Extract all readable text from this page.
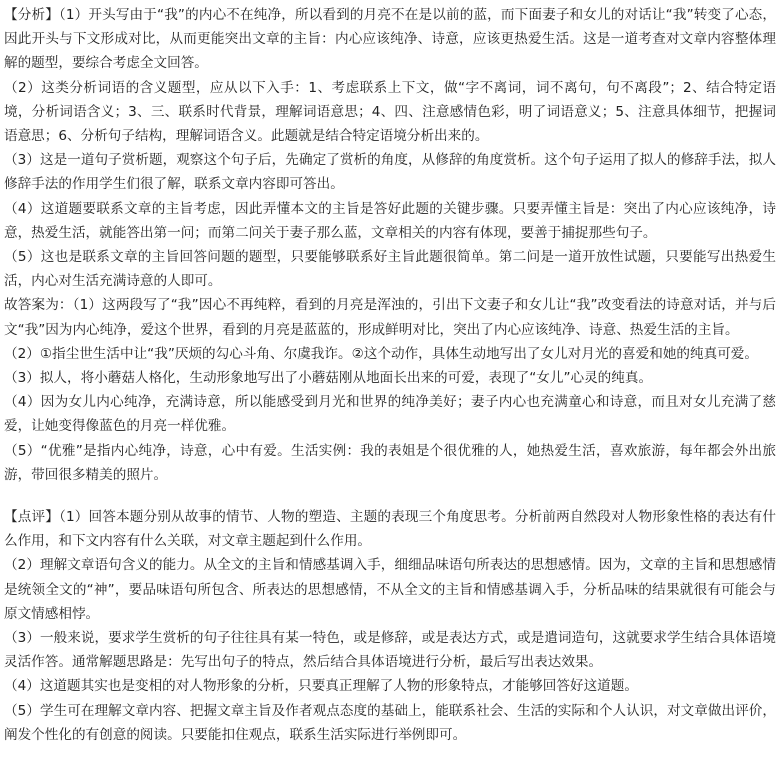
【分析】（1）开头写由于“我”的内心不在纯净，所以看到的月亮不在是以前的蓝，而下面妻子和女儿的对话让“我”转变了心态，因此开头与下文形成对比，从而更能突出文章的主旨：内心应该纯净、诗意，应该更热爱生活。这是一道考查对文章内容整体理解的题型，要综合考虑全文回答。

（2）这类分析词语的含义题型，应从以下入手：1、考虑联系上下文，做“字不离词，词不离句，句不离段”；2、结合特定语境，分析词语含义；3、三、联系时代背景，理解词语意思；4、四、注意感情色彩，明了词语意义；5、注意具体细节，把握词语意思；6、分析句子结构，理解词语含义。此题就是结合特定语境分析出来的。

（3）这是一道句子赏析题，观察这个句子后，先确定了赏析的角度，从修辞的角度赏析。这个句子运用了拟人的修辞手法，拟人修辞手法的作用学生们很了解，联系文章内容即可答出。

（4）这道题要联系文章的主旨考虑，因此弄懂本文的主旨是答好此题的关键步骤。只要弄懂主旨是：突出了内心应该纯净，诗意，热爱生活，就能答出第一问；而第二问关于妻子那么蓝，文章相关的内容有体现，要善于捕捉那些句子。

（5）这也是联系文章的主旨回答问题的题型，只要能够联系好主旨此题很简单。第二问是一道开放性试题，只要能写出热爱生活，内心对生活充满诗意的人即可。

故答案为：（1）这两段写了“我”因心不再纯粹，看到的月亮是浑浊的，引出下文妻子和女儿让“我”改变看法的诗意对话，并与后文“我”因为内心纯净，爱这个世界，看到的月亮是蓝蓝的，形成鲜明对比，突出了内心应该纯净、诗意、热爱生活的主旨。

（2）①指尘世生活中让“我”厌烦的勾心斗角、尔虞我诈。②这个动作，具体生动地写出了女儿对月光的喜爱和她的纯真可爱。

（3）拟人，将小蘑菇人格化，生动形象地写出了小蘑菇刚从地面长出来的可爱，表现了“女儿”心灵的纯真。

（4）因为女儿内心纯净，充满诗意，所以能感受到月光和世界的纯净美好；妻子内心也充满童心和诗意，而且对女儿充满了慈爱，让她变得像蓝色的月亮一样优雅。

（5）“优雅”是指内心纯净，诗意，心中有爱。生活实例：我的表姐是个很优雅的人，她热爱生活，喜欢旅游，每年都会外出旅游，带回很多精美的照片。

【点评】（1）回答本题分别从故事的情节、人物的塑造、主题的表现三个角度思考。分析前两自然段对人物形象性格的表达有什么作用，和下文内容有什么关联，对文章主题起到什么作用。

（2）理解文章语句含义的能力。从全文的主旨和情感基调入手，细细品味语句所表达的思想感情。因为，文章的主旨和思想感情是统领全文的“神”，要品味语句所包含、所表达的思想感情，不从全文的主旨和情感基调入手，分析品味的结果就很有可能会与原文情感相悖。

（3）一般来说，要求学生赏析的句子往往具有某一特色，或是修辞，或是表达方式，或是遣词造句，这就要求学生结合具体语境灵活作答。通常解题思路是：先写出句子的特点，然后结合具体语境进行分析，最后写出表达效果。

（4）这道题其实也是变相的对人物形象的分析，只要真正理解了人物的形象特点，才能够回答好这道题。

（5）学生可在理解文章内容、把握文章主旨及作者观点态度的基础上，能联系社会、生活的实际和个人认识，对文章做出评价，阐发个性化的有创意的阅读。只要能扣住观点，联系生活实际进行举例即可。
